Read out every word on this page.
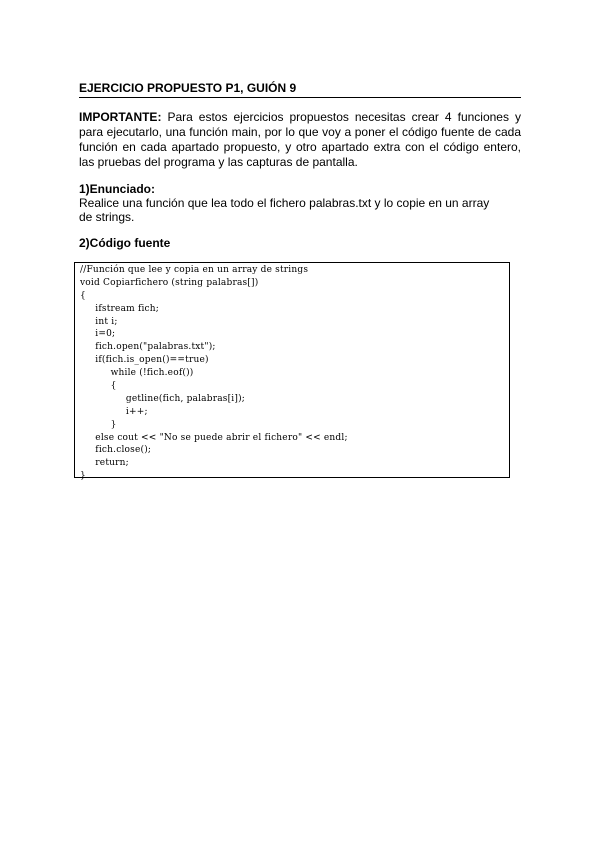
EJERCICIO PROPUESTO P1, GUIÓN 9
IMPORTANTE: Para estos ejercicios propuestos necesitas crear 4 funciones y para ejecutarlo, una función main, por lo que voy a poner el código fuente de cada función en cada apartado propuesto, y otro apartado extra con el código entero, las pruebas del programa y las capturas de pantalla.
1)Enunciado:
Realice una función que lea todo el fichero palabras.txt y lo copie en un array
de strings.
2)Código fuente
//Función que lee y copia en un array de strings
void Copiarfichero (string palabras[])
{
ifstream fich;
int i;
i=0;
fich.open("palabras.txt");
if(fich.is_open()==true)
while (!fich.eof())
{
getline(fich, palabras[i]);
i++;
}
else cout << "No se puede abrir el fichero" << endl;
fich.close();
return;
}
